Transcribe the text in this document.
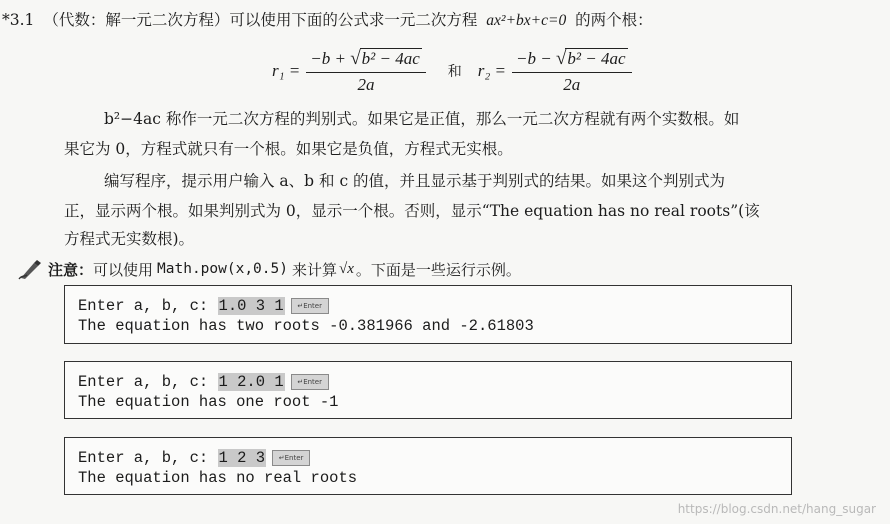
*3.1 （代数：解一元二次方程）可以使用下面的公式求一元二次方程 ax²+bx+c=0 的两个根：
$r_1 = \frac{\text{−b + √b² − 4ac}}{2a}$ 和 $r_2 = \frac{\text{−b − √b² − 4ac}}{2a}$
b²−4ac 称作一元二次方程的判别式。如果它是正值，那么一元二次方程就有两个实数根。如
果它为 0，方程式就只有一个根。如果它是负值，方程式无实根。
编写程序，提示用户输入 a、b 和 c 的值，并且显示基于判别式的结果。如果这个判别式为
正，显示两个根。如果判别式为 0，显示一个根。否则，显示“The equation has no real roots”(该
方程式无实数根)。
注意： 可以使用 Math.pow(x,0.5) 来计算 √x 。下面是一些运行示例。
Enter a, b, c: 1.0 3 1 ↵Enter
The equation has two roots -0.381966 and -2.61803
Enter a, b, c: 1 2.0 1 ↵Enter
The equation has one root -1
Enter a, b, c: 1 2 3 ↵Enter
The equation has no real roots
https://blog.csdn.net/hang_sugar
